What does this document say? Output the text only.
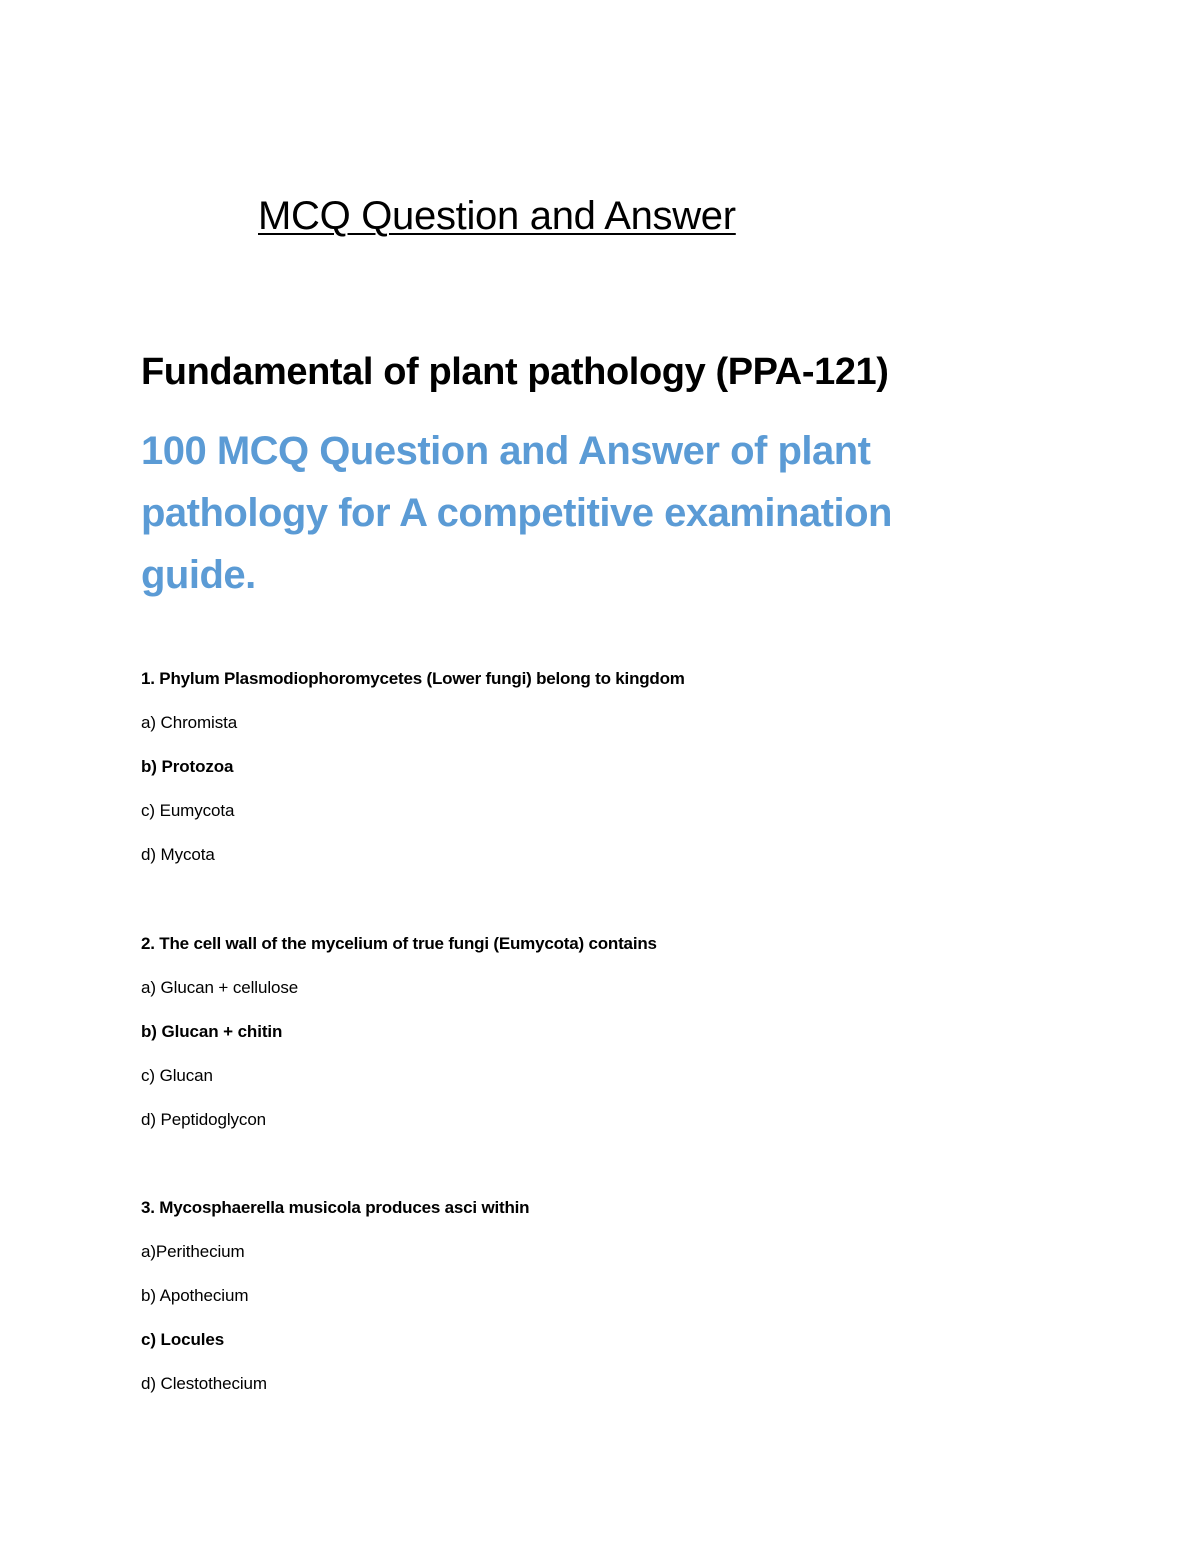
MCQ Question and Answer
Fundamental of plant pathology (PPA-121)
100 MCQ Question and Answer of plant pathology for A competitive examination guide.
1. Phylum Plasmodiophoromycetes (Lower fungi) belong to kingdom
a) Chromista
b) Protozoa
c) Eumycota
d) Mycota
2. The cell wall of the mycelium of true fungi (Eumycota) contains
a) Glucan + cellulose
b) Glucan + chitin
c) Glucan
d) Peptidoglycon
3. Mycosphaerella musicola produces asci within
a)Perithecium
b) Apothecium
c) Locules
d) Clestothecium
